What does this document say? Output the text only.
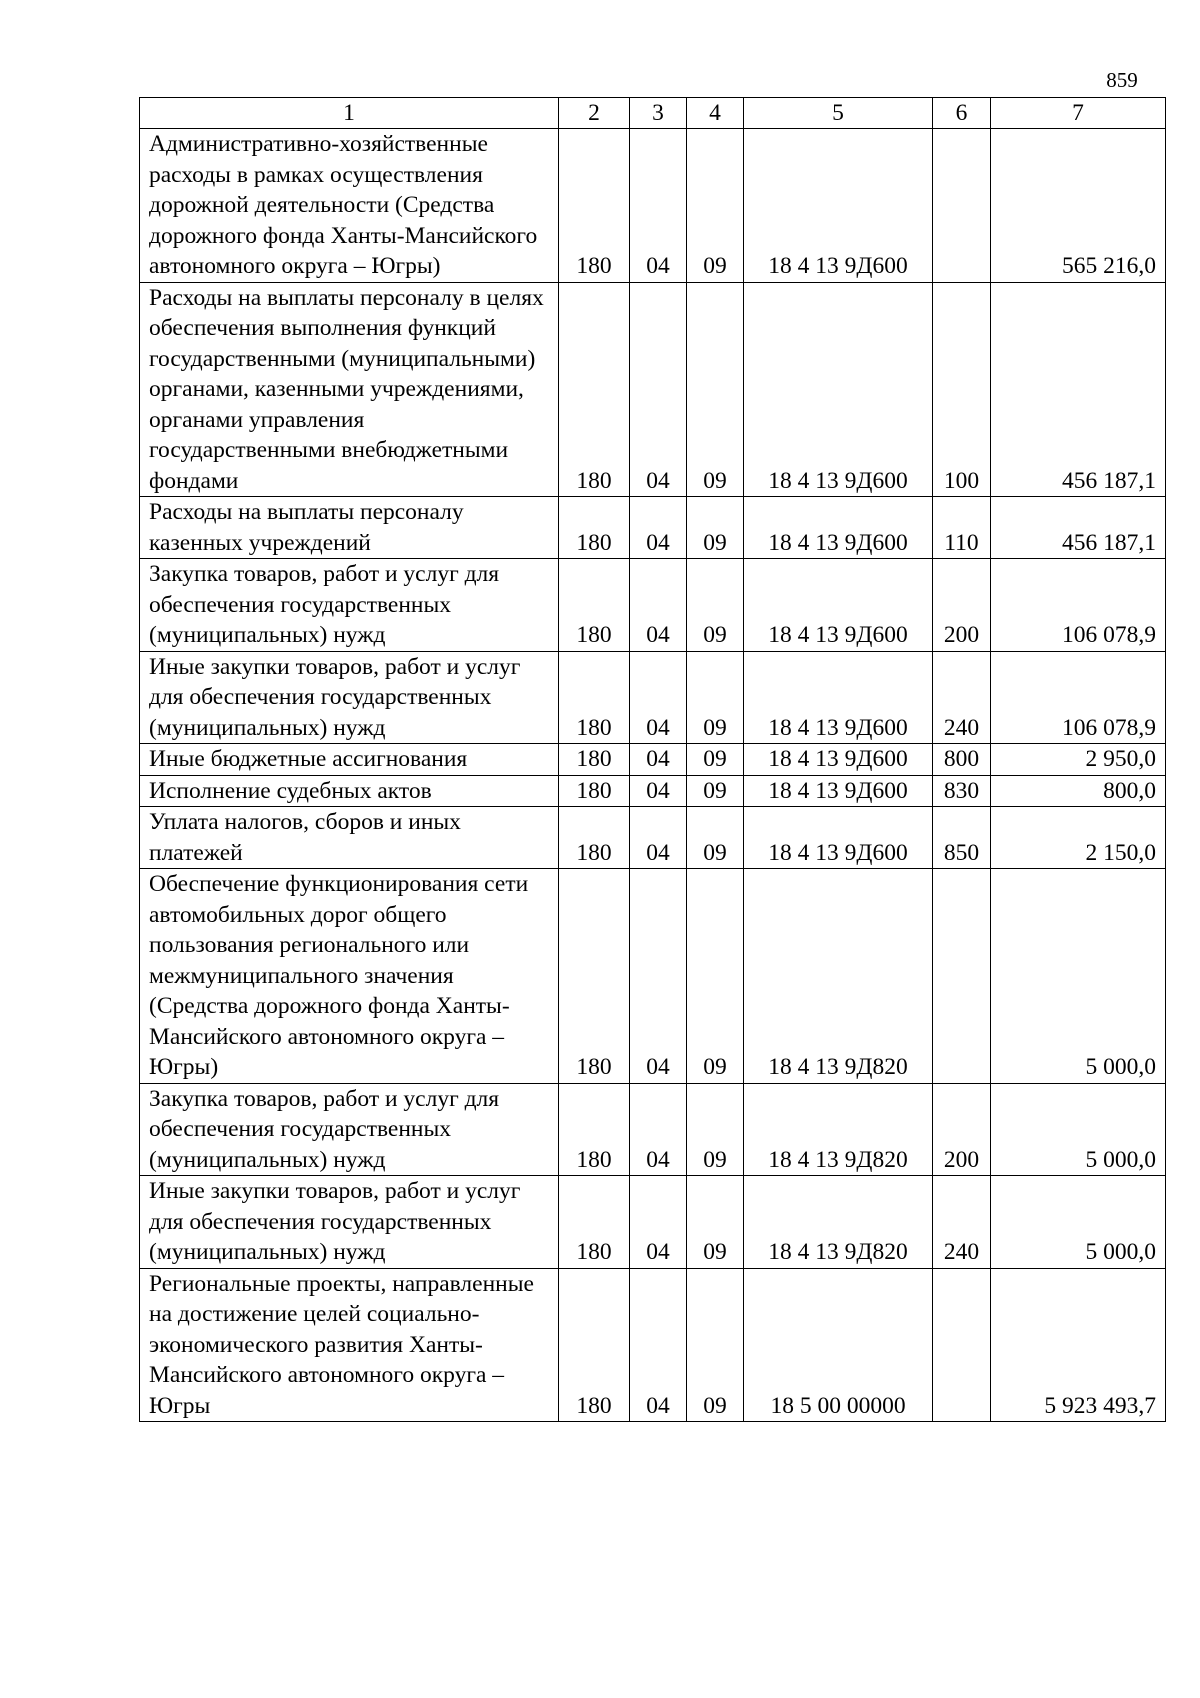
859
1	2	3	4	5	6	7

Административно-хозяйственные расходы в рамках осуществления дорожной деятельности (Средства дорожного фонда Ханты-Мансийского автономного округа – Югры)	180	04	09	18 4 13 9Д600		565 216,0

Расходы на выплаты персоналу в целях обеспечения выполнения функций государственными (муниципальными) органами, казенными учреждениями, органами управления государственными внебюджетными фондами	180	04	09	18 4 13 9Д600	100	456 187,1

Расходы на выплаты персоналу казенных учреждений	180	04	09	18 4 13 9Д600	110	456 187,1

Закупка товаров, работ и услуг для обеспечения государственных (муниципальных) нужд	180	04	09	18 4 13 9Д600	200	106 078,9

Иные закупки товаров, работ и услуг для обеспечения государственных (муниципальных) нужд	180	04	09	18 4 13 9Д600	240	106 078,9

Иные бюджетные ассигнования	180	04	09	18 4 13 9Д600	800	2 950,0

Исполнение судебных актов	180	04	09	18 4 13 9Д600	830	800,0

Уплата налогов, сборов и иных платежей	180	04	09	18 4 13 9Д600	850	2 150,0

Обеспечение функционирования сети автомобильных дорог общего пользования регионального или межмуниципального значения (Средства дорожного фонда Ханты-Мансийского автономного округа – Югры)	180	04	09	18 4 13 9Д820		5 000,0

Закупка товаров, работ и услуг для обеспечения государственных (муниципальных) нужд	180	04	09	18 4 13 9Д820	200	5 000,0

Иные закупки товаров, работ и услуг для обеспечения государственных (муниципальных) нужд	180	04	09	18 4 13 9Д820	240	5 000,0

Региональные проекты, направленные на достижение целей социально-экономического развития Ханты-Мансийского автономного округа – Югры	180	04	09	18 5 00 00000		5 923 493,7
